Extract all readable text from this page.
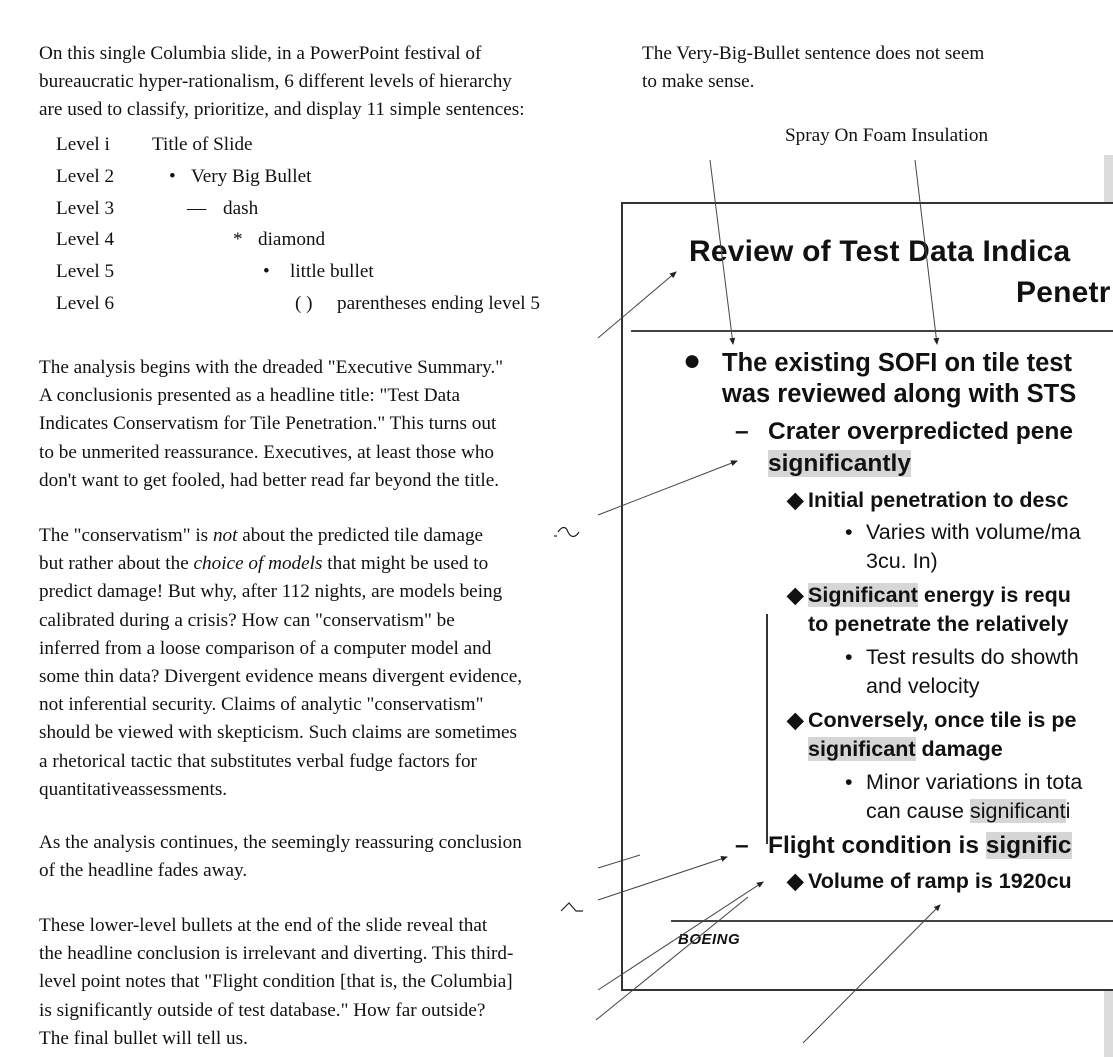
On this single Columbia slide, in a PowerPoint festival of
bureaucratic hyper-rationalism, 6 different levels of hierarchy
are used to classify, prioritize, and display 11 simple sentences:

Level i Title of Slide
Level 2	• Very Big Bullet
Level 3	— dash
Level 4	* diamond
Level 5	• little bullet
Level 6	( ) parentheses ending level 5

The analysis begins with the dreaded "Executive Summary."
A conclusionis presented as a headline title: "Test Data
Indicates Conservatism for Tile Penetration." This turns out
to be unmerited reassurance. Executives, at least those who
don't want to get fooled, had better read far beyond the title.

The "conservatism" is not about the predicted tile damage
but rather about the choice of models that might be used to
predict damage! But why, after 112 nights, are models being
calibrated during a crisis? How can "conservatism" be
inferred from a loose comparison of a computer model and
some thin data? Divergent evidence means divergent evidence,
not inferential security. Claims of analytic "conservatism"
should be viewed with skepticism. Such claims are sometimes
a rhetorical tactic that substitutes verbal fudge factors for
quantitativeassessments.

As the analysis continues, the seemingly reassuring conclusion
of the headline fades away.

These lower-level bullets at the end of the slide reveal that
the headline conclusion is irrelevant and diverting. This third-
level point notes that "Flight condition [that is, the Columbia]
is significantly outside of test database." How far outside?
The final bullet will tell us.

The Very-Big-Bullet sentence does not seem
to make sense.

Spray On Foam Insulation
Review of Test Data Indica
Penetr
● The existing SOFI on tile test
was reviewed along with STS
– Crater overpredicted pene
significantly
◆ Initial penetration to desc
• Varies with volume/ma
3cu. In)
◆ Significant energy is requ
to penetrate the relatively
• Test results do showth
and velocity
◆ Conversely, once tile is pe
significant damage
• Minor variations in tota
can cause significanti
– Flight condition is signific
◆ Volume of ramp is 1920cu
BOEING
